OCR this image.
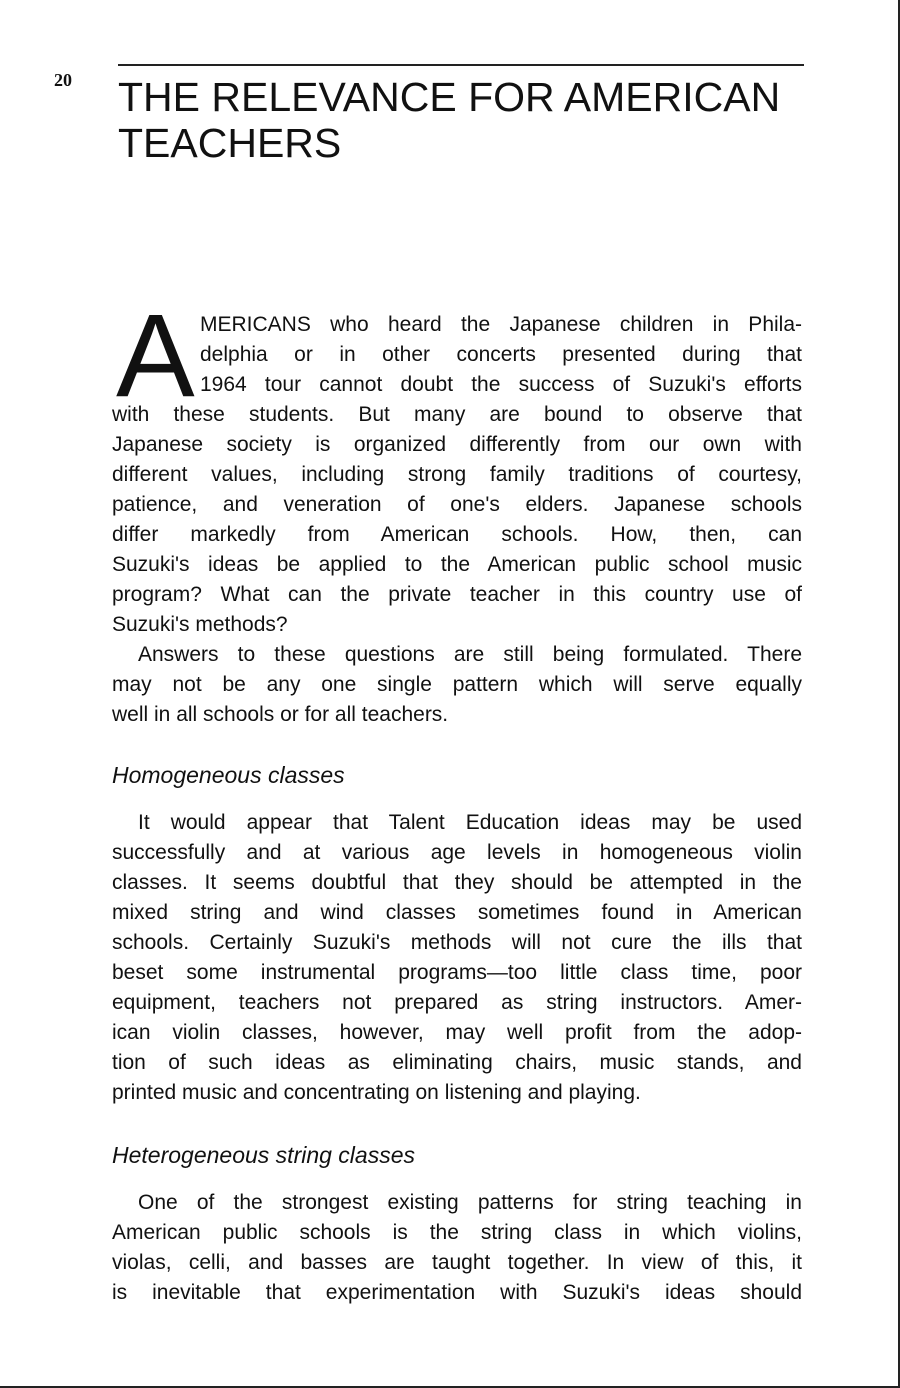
20 THE RELEVANCE FOR AMERICAN
TEACHERS
A MERICANS who heard the Japanese children in Phila-
delphia or in other concerts presented during that
1964 tour cannot doubt the success of Suzuki's efforts
with these students. But many are bound to observe that
Japanese society is organized differently from our own with
different values, including strong family traditions of courtesy,
patience, and veneration of one's elders. Japanese schools
differ markedly from American schools. How, then, can
Suzuki's ideas be applied to the American public school music
program? What can the private teacher in this country use of
Suzuki's methods?
Answers to these questions are still being formulated. There
may not be any one single pattern which will serve equally
well in all schools or for all teachers.
Homogeneous classes
It would appear that Talent Education ideas may be used
successfully and at various age levels in homogeneous violin
classes. It seems doubtful that they should be attempted in the
mixed string and wind classes sometimes found in American
schools. Certainly Suzuki's methods will not cure the ills that
beset some instrumental programs—too little class time, poor
equipment, teachers not prepared as string instructors. Amer-
ican violin classes, however, may well profit from the adop-
tion of such ideas as eliminating chairs, music stands, and
printed music and concentrating on listening and playing.
Heterogeneous string classes
One of the strongest existing patterns for string teaching in
American public schools is the string class in which violins,
violas, celli, and basses are taught together. In view of this, it
is inevitable that experimentation with Suzuki's ideas should
